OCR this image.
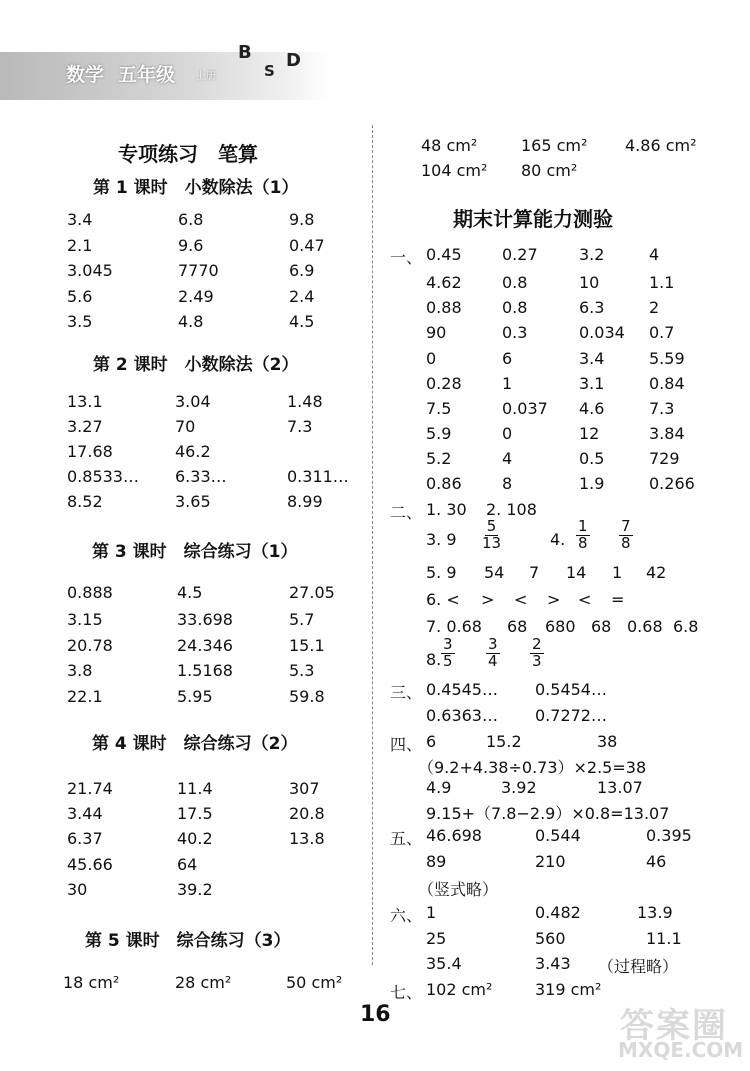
数学 五年级 上册
B
S D
专项练习　笔算
第 1 课时　小数除法（1）
3.4	6.8	9.8
2.1	9.6	0.47
3.045	7770	6.9
5.6	2.49	2.4
3.5	4.8	4.5
第 2 课时　小数除法（2）
13.1	3.04	1.48
3.27	70	7.3
17.68	46.2
0.8533… 6.33…	0.311…
8.52	3.65	8.99
第 3 课时　综合练习（1）
0.888	4.5	27.05
3.15	33.698	5.7
20.78	24.346	15.1
3.8	1.5168	5.3
22.1	5.95	59.8
第 4 课时　综合练习（2）
21.74	11.4	307
3.44	17.5	20.8
6.37	40.2	13.8
45.66	64
30	39.2
第 5 课时　综合练习（3）
18 cm²	28 cm²	50 cm²
48 cm²	165 cm² 4.86 cm²
104 cm² 80 cm²
期末计算能力测验
一、 0.45	0.27	3.2	4
4.62	0.8	10	1.1
0.88	0.8	6.3	2
90	0.3	0.034 0.7
0	6	3.4	5.59
0.28	1	3.1	0.84
7.5	0.037 4.6	7.3
5.9	0	12	3.84
5.2	4	0.5	729
0.86	8	1.9	0.266
二、 1. 30 2. 108
3. $9 \frac{5}{13}$	4. $\frac{1}{8} \frac{7}{8}$
5. 9 54 7 14 1 42
6. < > < > < =
7. 0.68 68 680 68 0.68 6.8
8. $\frac{3}{5} \frac{3}{4} \frac{2}{3}$
三、 0.4545… 0.5454…
0.6363… 0.7272…
四、 6	15.2	38
（9.2+4.38÷0.73）×2.5=38
4.9	3.92	13.07
9.15+（7.8−2.9）×0.8=13.07
五、 46.698	0.544	0.395
89	210	46
（竖式略）
六、 1	0.482	13.9
25	560	11.1
35.4	3.43 （过程略）
七、 102 cm²	319 cm²
16	答案圈
MXQE.COM
